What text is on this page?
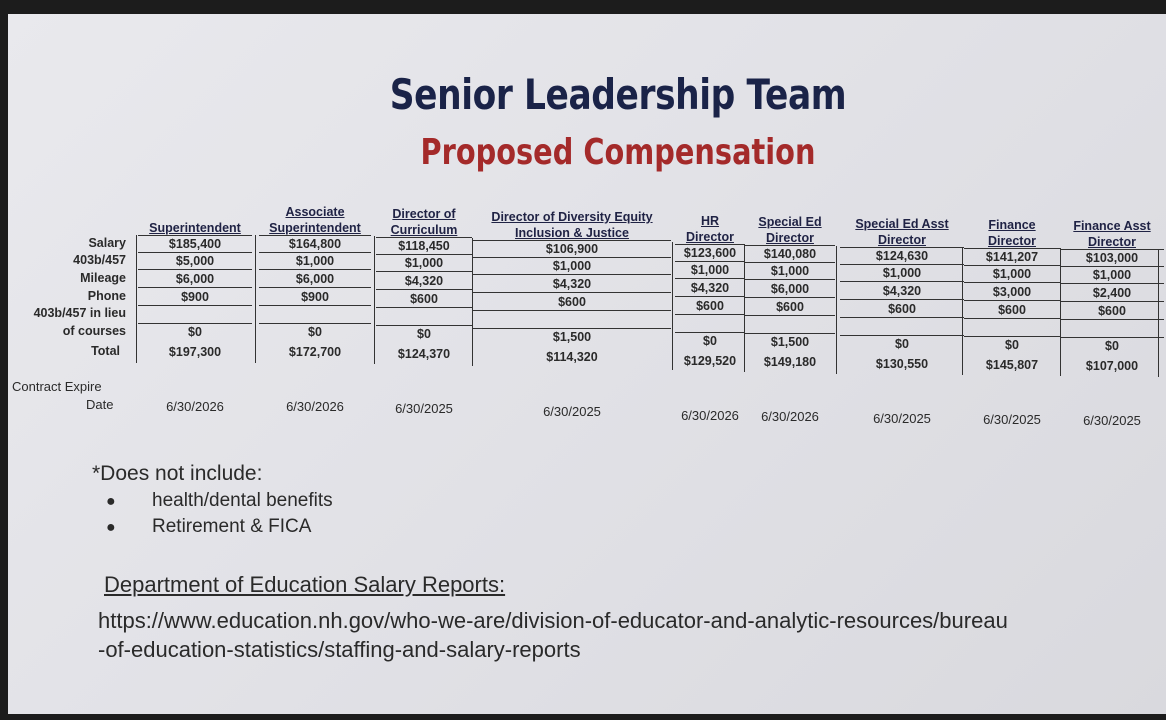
Senior Leadership Team
Proposed Compensation
Salary
403b/457
Mileage
Phone
403b/457 in lieu
of courses
Total
Superintendent
$185,400
$5,000
$6,000
$900
$0
$197,300
6/30/2026
Associate
Superintendent
$164,800
$1,000
$6,000
$900
$0
$172,700
6/30/2026
Director of
Curriculum
$118,450
$1,000
$4,320
$600
$0
$124,370
6/30/2025
Director of Diversity Equity
Inclusion & Justice
$106,900
$1,000
$4,320
$600
$1,500
$114,320
6/30/2025
HR
Director
$123,600
$1,000
$4,320
$600
$0
$129,520
6/30/2026
Special Ed
Director
$140,080
$1,000
$6,000
$600
$1,500
$149,180
6/30/2026
Special Ed Asst
Director
$124,630
$1,000
$4,320
$600
$0
$130,550
6/30/2025
Finance
Director
$141,207
$1,000
$3,000
$600
$0
$145,807
6/30/2025
Finance Asst
Director
$103,000
$1,000
$2,400
$600
$0
$107,000
6/30/2025
Contract Expire
Date
*Does not include:
● health/dental benefits
● Retirement & FICA
Department of Education Salary Reports:
https://www.education.nh.gov/who-we-are/division-of-educator-and-analytic-resources/bureau
-of-education-statistics/staffing-and-salary-reports
